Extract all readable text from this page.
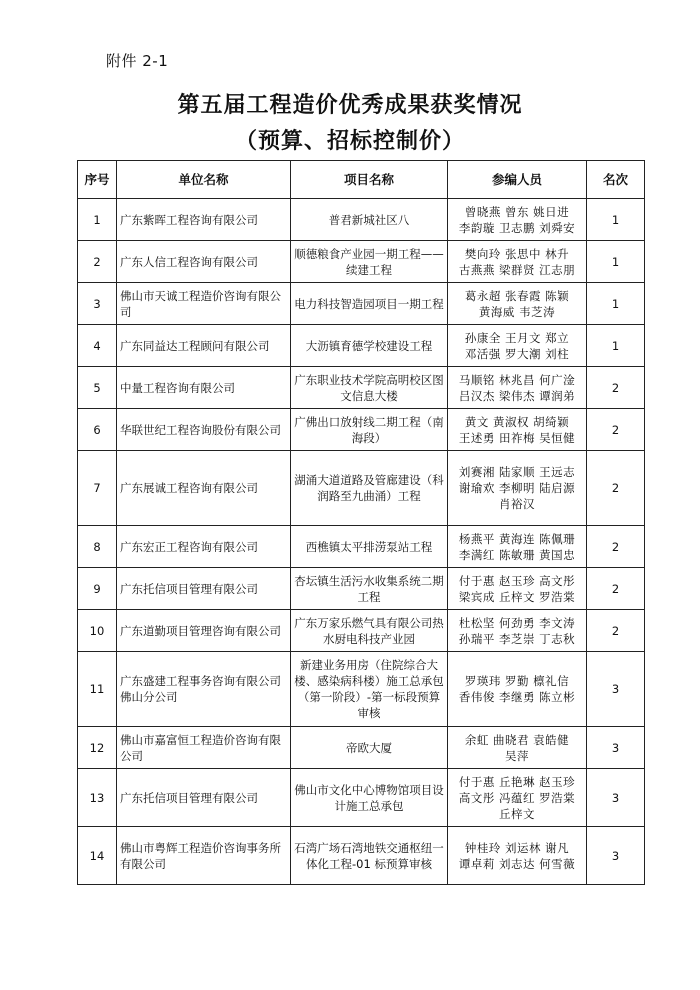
附件 2-1
第五届工程造价优秀成果获奖情况
（预算、招标控制价）
序号	单位名称	项目名称	参编人员	名次
1	广东紫晖工程咨询有限公司	普君新城社区八	曾晓燕 曾东 姚日进
李韵璇 卫志鹏 刘舜安	1
2	广东人信工程咨询有限公司	顺德粮食产业园一期工程——续建工程	樊向玲 张思中 林升
古燕燕 梁群贤 江志朋	1
3	佛山市天诚工程造价咨询有限公司	电力科技智造园项目一期工程	葛永超 张春霞 陈颖
黄海威 韦芝涛	1
4	广东同益达工程顾问有限公司	大沥镇育德学校建设工程	孙康全 王月文 郑立
邓活强 罗大潮 刘柱	1
5	中量工程咨询有限公司	广东职业技术学院高明校区图文信息大楼	马顺铭 林兆昌 何广淦
吕汉杰 梁伟杰 谭润弟	2
6	华联世纪工程咨询股份有限公司	广佛出口放射线二期工程（南海段）	黄文 黄淑权 胡绮颖
王述勇 田祚梅 吴恒健	2
7	广东展诚工程咨询有限公司	湖涌大道道路及管廊建设（科润路至九曲涌）工程	刘赛湘 陆家顺 王远志
谢瑜欢 李柳明 陆启源
肖裕汉	2
8	广东宏正工程咨询有限公司	西樵镇太平排涝泵站工程	杨燕平 黄海连 陈佩珊
李满红 陈敏珊 黄国忠	2
9	广东托信项目管理有限公司	杏坛镇生活污水收集系统二期工程	付于惠 赵玉珍 高文彤
梁宾成 丘梓文 罗浩棠	2
10	广东道勤项目管理咨询有限公司	广东万家乐燃气具有限公司热水厨电科技产业园	杜松坚 何劲勇 李文涛
孙瑞平 李芝崇 丁志秋	2
11	广东盛建工程事务咨询有限公司佛山分公司	新建业务用房（住院综合大楼、感染病科楼）施工总承包（第一阶段）-第一标段预算审核	罗瑛玮 罗勤 檩礼信
香伟俊 李继勇 陈立彬	3
12	佛山市嘉富恒工程造价咨询有限公司	帝欧大厦	余虹 曲晓君 袁皓健
吴萍	3
13	广东托信项目管理有限公司	佛山市文化中心博物馆项目设计施工总承包	付于惠 丘艳琳 赵玉珍
高文彤 冯蕴红 罗浩棠
丘梓文	3
14	佛山市粤辉工程造价咨询事务所有限公司	石湾广场石湾地铁交通枢纽一体化工程-01 标预算审核	钟桂玲 刘运林 谢凡
谭卓莉 刘志达 何雪薇	3
